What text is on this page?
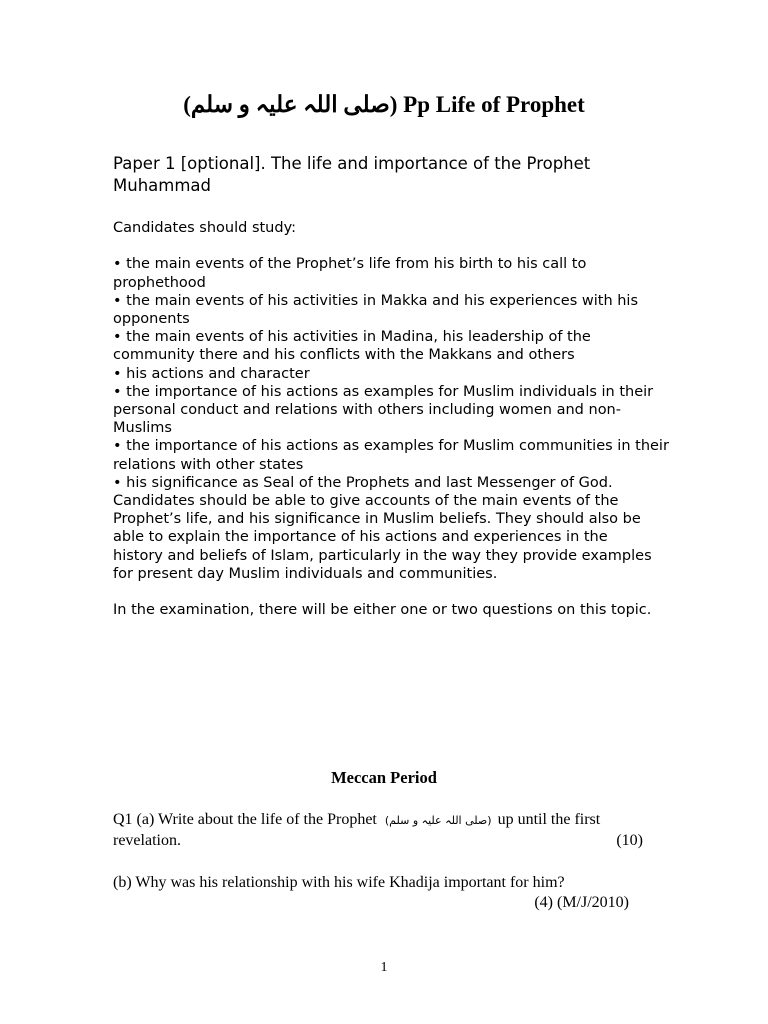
(صلی اللہ علیہ و سلم) Pp Life of Prophet
Paper 1 [optional]. The life and importance of the Prophet Muhammad

Candidates should study:

• the main events of the Prophet’s life from his birth to his call to prophethood

• the main events of his activities in Makka and his experiences with his opponents

• the main events of his activities in Madina, his leadership of the community there and his conflicts with the Makkans and others

• his actions and character

• the importance of his actions as examples for Muslim individuals in their personal conduct and relations with others including women and non-Muslims

• the importance of his actions as examples for Muslim communities in their relations with other states

• his significance as Seal of the Prophets and last Messenger of God.

Candidates should be able to give accounts of the main events of the Prophet’s life, and his significance in Muslim beliefs. They should also be able to explain the importance of his actions and experiences in the

history and beliefs of Islam, particularly in the way they provide examples for present day Muslim individuals and communities.

In the examination, there will be either one or two questions on this topic.

Meccan Period
Q1 (a) Write about the life of the Prophet (صلی اللہ علیہ و سلم) up until the first
revelation.	(10)
(b) Why was his relationship with his wife Khadija important for him?
(4) (M/J/2010)
1
